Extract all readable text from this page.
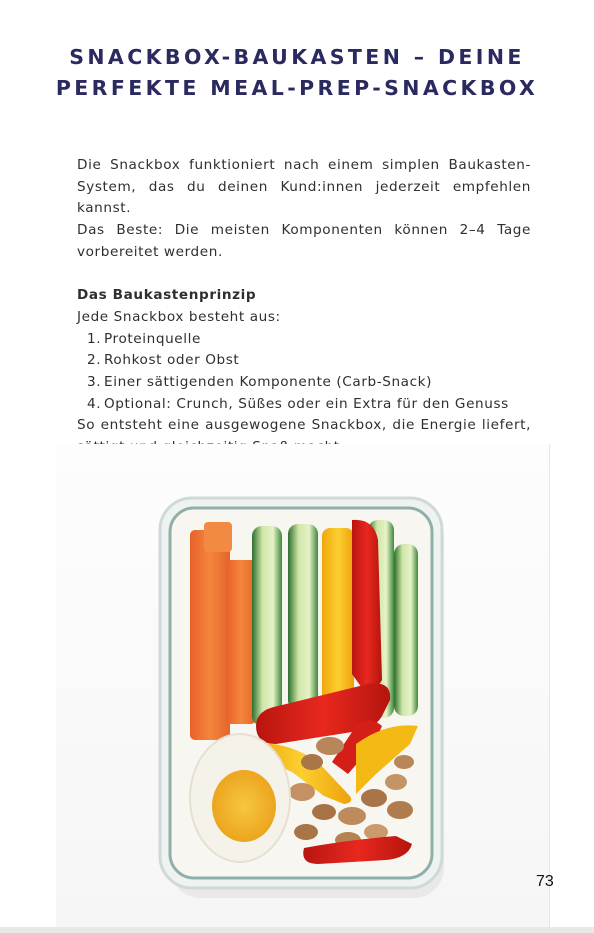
SNACKBOX-BAUKASTEN – DEINE
PERFEKTE MEAL-PREP-SNACKBOX

Die Snackbox funktioniert nach einem simplen Baukasten-System, das du deinen Kund:innen jederzeit empfehlen kannst.

Das Beste: Die meisten Komponenten können 2–4 Tage vorbereitet werden.

Das Baukastenprinzip

Jede Snackbox besteht aus:

1. Proteinquelle
2. Rohkost oder Obst
3. Einer sättigenden Komponente (Carb-Snack)
4. Optional: Crunch, Süßes oder ein Extra für den Genuss

So entsteht eine ausgewogene Snackbox, die Energie liefert,

73
